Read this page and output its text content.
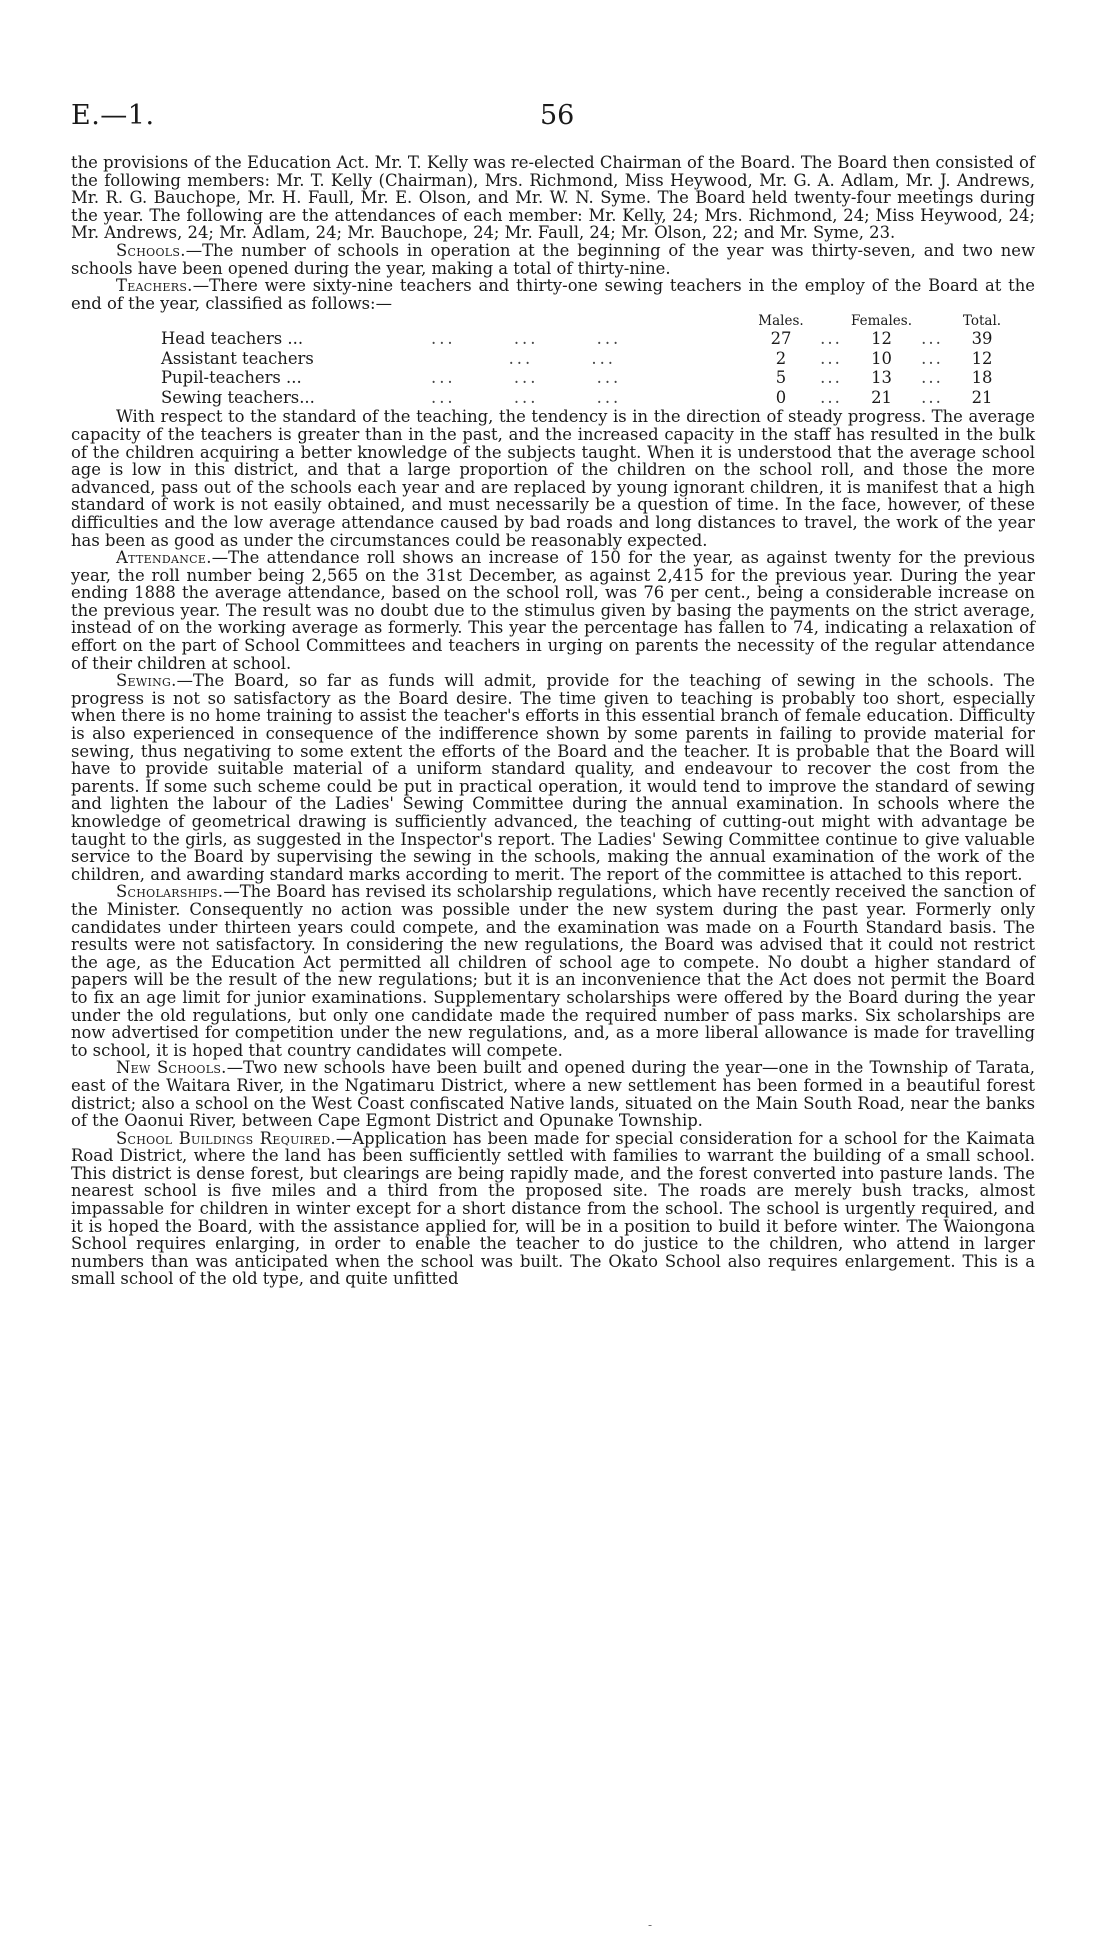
E.—1.	56

the provisions of the Education Act. Mr. T. Kelly was re-elected Chairman of the Board. The Board then consisted of the following members: Mr. T. Kelly (Chairman), Mrs. Richmond, Miss Heywood, Mr. G. A. Adlam, Mr. J. Andrews, Mr. R. G. Bauchope, Mr. H. Faull, Mr. E. Olson, and Mr. W. N. Syme. The Board held twenty-four meetings during the year. The following are the attendances of each member: Mr. Kelly, 24; Mrs. Richmond, 24; Miss Heywood, 24; Mr. Andrews, 24; Mr. Adlam, 24; Mr. Bauchope, 24; Mr. Faull, 24; Mr. Olson, 22; and Mr. Syme, 23.

Schools.—The number of schools in operation at the beginning of the year was thirty-seven, and two new schools have been opened during the year, making a total of thirty-nine.

Teachers.—There were sixty-nine teachers and thirty-one sewing teachers in the employ of the Board at the end of the year, classified as follows:—

		Males.		Females.		Total.
Head teachers ...	...    ...    ...	27	...	12	...	39
Assistant teachers	    ...    ...	2	...	10	...	12
Pupil-teachers ...	...    ...    ...	5	...	13	...	18
Sewing teachers...	...    ...    ...	0	...	21	...	21

With respect to the standard of the teaching, the tendency is in the direction of steady progress. The average capacity of the teachers is greater than in the past, and the increased capacity in the staff has resulted in the bulk of the children acquiring a better knowledge of the subjects taught. When it is understood that the average school age is low in this district, and that a large proportion of the children on the school roll, and those the more advanced, pass out of the schools each year and are replaced by young ignorant children, it is manifest that a high standard of work is not easily obtained, and must necessarily be a question of time. In the face, however, of these difficulties and the low average attendance caused by bad roads and long distances to travel, the work of the year has been as good as under the circumstances could be reasonably expected.

Attendance.—The attendance roll shows an increase of 150 for the year, as against twenty for the previous year, the roll number being 2,565 on the 31st December, as against 2,415 for the previous year. During the year ending 1888 the average attendance, based on the school roll, was 76 per cent., being a considerable increase on the previous year. The result was no doubt due to the stimulus given by basing the payments on the strict average, instead of on the working average as formerly. This year the percentage has fallen to 74, indicating a relaxation of effort on the part of School Committees and teachers in urging on parents the necessity of the regular attendance of their children at school.

Sewing.—The Board, so far as funds will admit, provide for the teaching of sewing in the schools. The progress is not so satisfactory as the Board desire. The time given to teaching is probably too short, especially when there is no home training to assist the teacher's efforts in this essential branch of female education. Difficulty is also experienced in consequence of the indifference shown by some parents in failing to provide material for sewing, thus negativing to some extent the efforts of the Board and the teacher. It is probable that the Board will have to provide suitable material of a uniform standard quality, and endeavour to recover the cost from the parents. If some such scheme could be put in practical operation, it would tend to improve the standard of sewing and lighten the labour of the Ladies' Sewing Committee during the annual examination. In schools where the knowledge of geometrical drawing is sufficiently advanced, the teaching of cutting-out might with advantage be taught to the girls, as suggested in the Inspector's report. The Ladies' Sewing Committee continue to give valuable service to the Board by supervising the sewing in the schools, making the annual examination of the work of the children, and awarding standard marks according to merit. The report of the committee is attached to this report.

Scholarships.—The Board has revised its scholarship regulations, which have recently received the sanction of the Minister. Consequently no action was possible under the new system during the past year. Formerly only candidates under thirteen years could compete, and the examination was made on a Fourth Standard basis. The results were not satisfactory. In considering the new regulations, the Board was advised that it could not restrict the age, as the Education Act permitted all children of school age to compete. No doubt a higher standard of papers will be the result of the new regulations; but it is an inconvenience that the Act does not permit the Board to fix an age limit for junior examinations. Supplementary scholarships were offered by the Board during the year under the old regulations, but only one candidate made the required number of pass marks. Six scholarships are now advertised for competition under the new regulations, and, as a more liberal allowance is made for travelling to school, it is hoped that country candidates will compete.

New Schools.—Two new schools have been built and opened during the year—one in the Township of Tarata, east of the Waitara River, in the Ngatimaru District, where a new settlement has been formed in a beautiful forest district; also a school on the West Coast confiscated Native lands, situated on the Main South Road, near the banks of the Oaonui River, between Cape Egmont District and Opunake Township.

School Buildings Required.—Application has been made for special consideration for a school for the Kaimata Road District, where the land has been sufficiently settled with families to warrant the building of a small school. This district is dense forest, but clearings are being rapidly made, and the forest converted into pasture lands. The nearest school is five miles and a third from the proposed site. The roads are merely bush tracks, almost impassable for children in winter except for a short distance from the school. The school is urgently required, and it is hoped the Board, with the assistance applied for, will be in a position to build it before winter. The Waiongona School requires enlarging, in order to enable the teacher to do justice to the children, who attend in larger numbers than was anticipated when the school was built. The Okato School also requires enlargement. This is a small school of the old type, and quite unfitted

-
